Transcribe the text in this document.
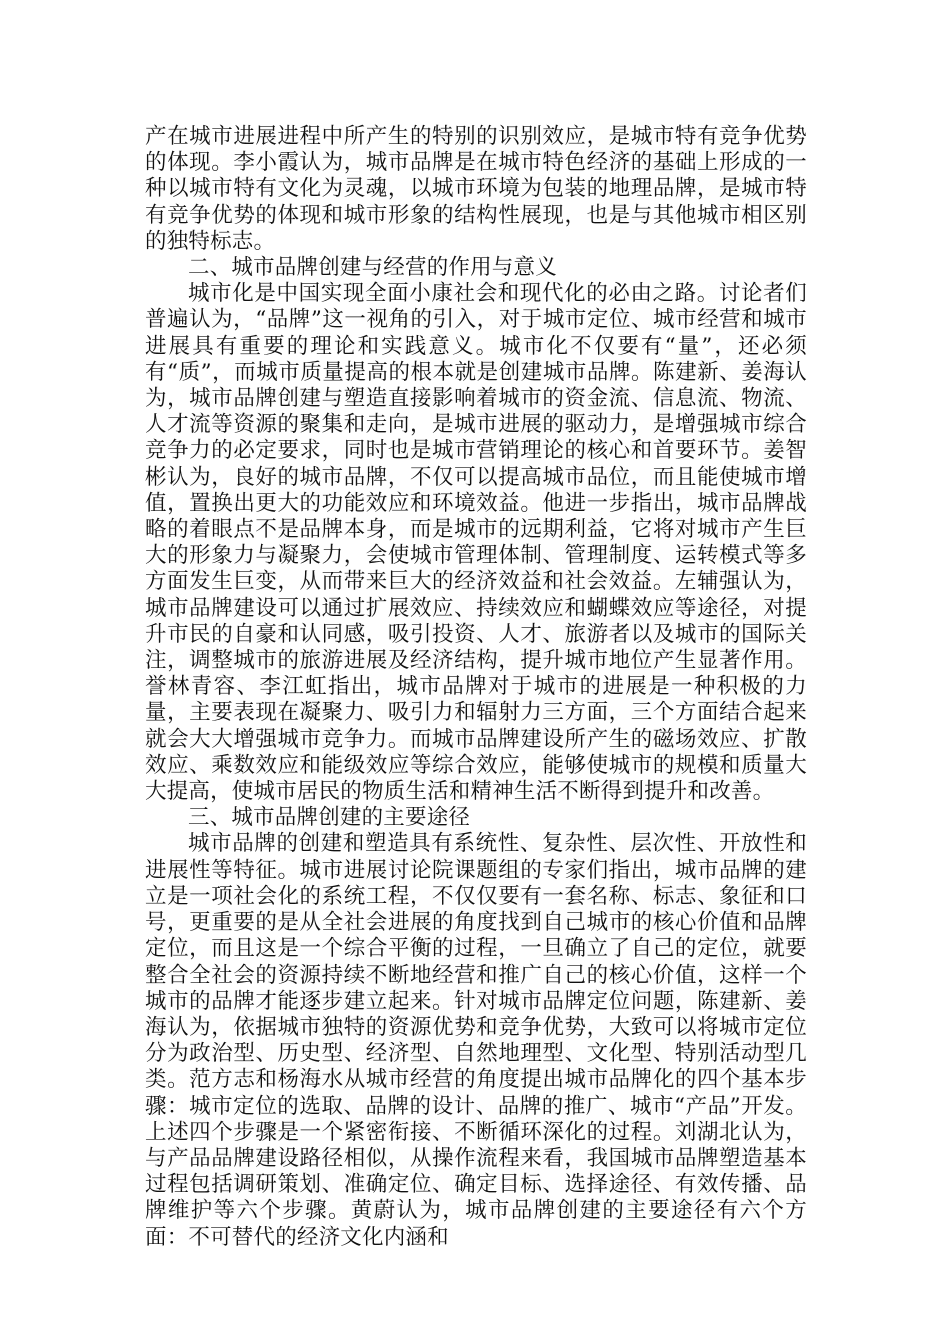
产在城市进展进程中所产生的特别的识别效应，是城市特有竞争优势的体现。李小霞认为，城市品牌是在城市特色经济的基础上形成的一种以城市特有文化为灵魂，以城市环境为包装的地理品牌，是城市特有竞争优势的体现和城市形象的结构性展现，也是与其他城市相区别的独特标志。

二、城市品牌创建与经营的作用与意义

城市化是中国实现全面小康社会和现代化的必由之路。讨论者们普遍认为，“品牌”这一视角的引入，对于城市定位、城市经营和城市进展具有重要的理论和实践意义。城市化不仅要有“量”，还必须有“质”，而城市质量提高的根本就是创建城市品牌。陈建新、姜海认为，城市品牌创建与塑造直接影响着城市的资金流、信息流、物流、人才流等资源的聚集和走向，是城市进展的驱动力，是增强城市综合竞争力的必定要求，同时也是城市营销理论的核心和首要环节。姜智彬认为，良好的城市品牌，不仅可以提高城市品位，而且能使城市增值，置换出更大的功能效应和环境效益。他进一步指出，城市品牌战略的着眼点不是品牌本身，而是城市的远期利益，它将对城市产生巨大的形象力与凝聚力，会使城市管理体制、管理制度、运转模式等多方面发生巨变，从而带来巨大的经济效益和社会效益。左辅强认为，城市品牌建设可以通过扩展效应、持续效应和蝴蝶效应等途径，对提升市民的自豪和认同感，吸引投资、人才、旅游者以及城市的国际关注，调整城市的旅游进展及经济结构，提升城市地位产生显著作用。誉林青容、李江虹指出，城市品牌对于城市的进展是一种积极的力量，主要表现在凝聚力、吸引力和辐射力三方面，三个方面结合起来就会大大增强城市竞争力。而城市品牌建设所产生的磁场效应、扩散效应、乘数效应和能级效应等综合效应，能够使城市的规模和质量大大提高，使城市居民的物质生活和精神生活不断得到提升和改善。

三、城市品牌创建的主要途径

城市品牌的创建和塑造具有系统性、复杂性、层次性、开放性和进展性等特征。城市进展讨论院课题组的专家们指出，城市品牌的建立是一项社会化的系统工程，不仅仅要有一套名称、标志、象征和口号，更重要的是从全社会进展的角度找到自己城市的核心价值和品牌定位，而且这是一个综合平衡的过程，一旦确立了自己的定位，就要整合全社会的资源持续不断地经营和推广自己的核心价值，这样一个城市的品牌才能逐步建立起来。针对城市品牌定位问题，陈建新、姜海认为，依据城市独特的资源优势和竞争优势，大致可以将城市定位分为政治型、历史型、经济型、自然地理型、文化型、特别活动型几类。范方志和杨海水从城市经营的角度提出城市品牌化的四个基本步骤：城市定位的选取、品牌的设计、品牌的推广、城市“产品”开发。上述四个步骤是一个紧密衔接、不断循环深化的过程。刘湖北认为，与产品品牌建设路径相似，从操作流程来看，我国城市品牌塑造基本过程包括调研策划、准确定位、确定目标、选择途径、有效传播、品牌维护等六个步骤。黄蔚认为，城市品牌创建的主要途径有六个方面：不可替代的经济文化内涵和
